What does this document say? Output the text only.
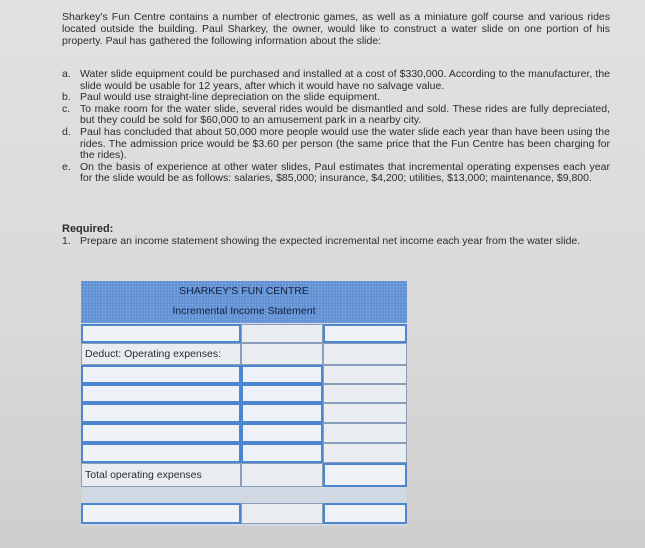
Sharkey's Fun Centre contains a number of electronic games, as well as a miniature golf course and various rides located outside the building. Paul Sharkey, the owner, would like to construct a water slide on one portion of his property. Paul has gathered the following information about the slide:
a. Water slide equipment could be purchased and installed at a cost of $330,000. According to the manufacturer, the slide would be usable for 12 years, after which it would have no salvage value.
b. Paul would use straight-line depreciation on the slide equipment.
c. To make room for the water slide, several rides would be dismantled and sold. These rides are fully depreciated, but they could be sold for $60,000 to an amusement park in a nearby city.
d. Paul has concluded that about 50,000 more people would use the water slide each year than have been using the rides. The admission price would be $3.60 per person (the same price that the Fun Centre has been charging for the rides).
e. On the basis of experience at other water slides, Paul estimates that incremental operating expenses each year for the slide would be as follows: salaries, $85,000; insurance, $4,200; utilities, $13,000; maintenance, $9,800.
Required:
1. Prepare an income statement showing the expected incremental net income each year from the water slide.
SHARKEY'S FUN CENTRE
Incremental Income Statement
Deduct: Operating expenses:
Total operating expenses
